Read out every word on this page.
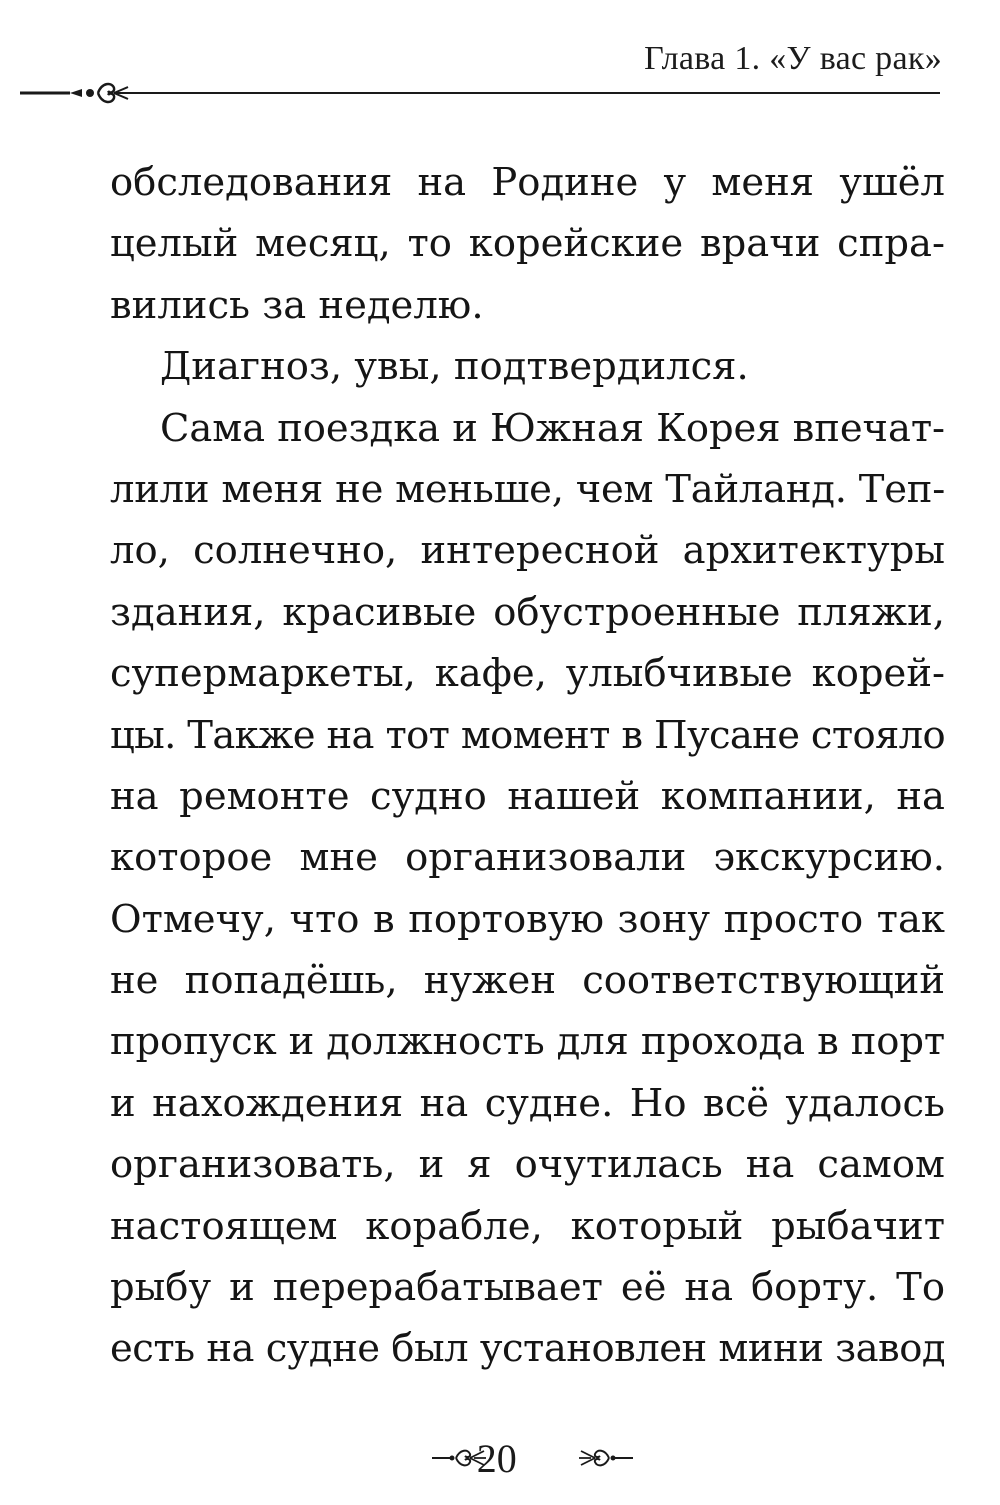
Глава 1. «У вас рак»
обследования на Родине у меня ушёл
целый месяц, то корейские врачи спра-
вились за неделю.
Диагноз, увы, подтвердился.
Сама поездка и Южная Корея впечат-
лили меня не меньше, чем Тайланд. Теп-
ло, солнечно, интересной архитектуры
здания, красивые обустроенные пляжи,
супермаркеты, кафе, улыбчивые корей-
цы. Также на тот момент в Пусане стояло
на ремонте судно нашей компании, на
которое мне организовали экскурсию.
Отмечу, что в портовую зону просто так
не попадёшь, нужен соответствующий
пропуск и должность для прохода в порт
и нахождения на судне. Но всё удалось
организовать, и я очутилась на самом
настоящем корабле, который рыбачит
рыбу и перерабатывает её на борту. То
есть на судне был установлен мини завод
20
